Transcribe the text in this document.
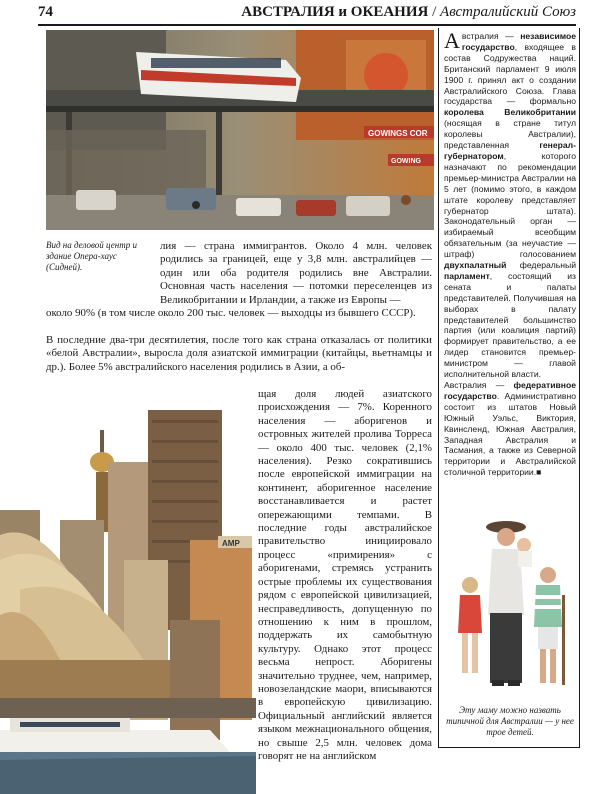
74	АВСТРАЛИЯ и ОКЕАНИЯ / Австралийский Союз
GOWINGS COR
GOWING
Австралия — независимое государство, входящее в состав Содружества наций. Британский парламент 9 июля 1900 г. принял акт о создании Австралийского Союза. Глава государства — формально королева Великобритании (носящая в стране титул королевы Австралии), представленная генерал-губернатором, которого назначают по рекомендации премьер-министра Австралии на 5 лет (помимо этого, в каждом штате королеву представляет губернатор штата). Законодательный орган — избираемый всеобщим обязательным (за неучастие — штраф) голосованием двухпалатный федеральный парламент, состоящий из сената и палаты представителей. Получившая на выборах в палату представителей большинство партия (или коалиция партий) формирует правительство, а ее лидер становится премьер-министром — главой исполнительной власти.
Австралия — федеративное государство. Административно состоит из штатов Новый Южный Уэльс, Виктория, Квинсленд, Южная Австралия, Западная Австралия и Тасмания, а также из Северной территории и Австралийской столичной территории.■
Вид на деловой центр и здание Опера-хаус (Сидней).
лия — страна иммигрантов. Около 4 млн. человек родились за границей, еще у 3,8 млн. австралийцев — один или оба родителя родились вне Австралии. Основная часть населения — потомки переселенцев из Великобритании и Ирландии, а также из Европы —
около 90% (в том числе около 200 тыс. человек — выходцы из бывшего СССР).
В последние два-три десятилетия, после того как страна отказалась от политики «белой Австралии», выросла доля азиатской иммиграции (китайцы, вьетнамцы и др.). Более 5% австралийского населения родились в Азии, а об-
AMP
щая доля людей азиатского происхождения — 7%. Коренного населения — аборигенов и островных жителей пролива Торреса — около 400 тыс. человек (2,1% населения). Резко сократившись после европейской иммиграции на континент, аборигенное население восстанавливается и растет опережающими темпами. В последние годы австралийское правительство инициировало процесс «примирения» с аборигенами, стремясь устранить острые проблемы их существования рядом с европейской цивилизацией, несправедливость, допущенную по отношению к ним в прошлом, поддержать их самобытную культуру. Однако этот процесс весьма непрост. Аборигены значительно труднее, чем, например, новозеландские маори, вписываются в европейскую цивилизацию. Официальный английский является языком межнационального общения, но свыше 2,5 млн. человек дома говорят не на английском
Эту маму можно назвать типичной для Австралии — у нее трое детей.
